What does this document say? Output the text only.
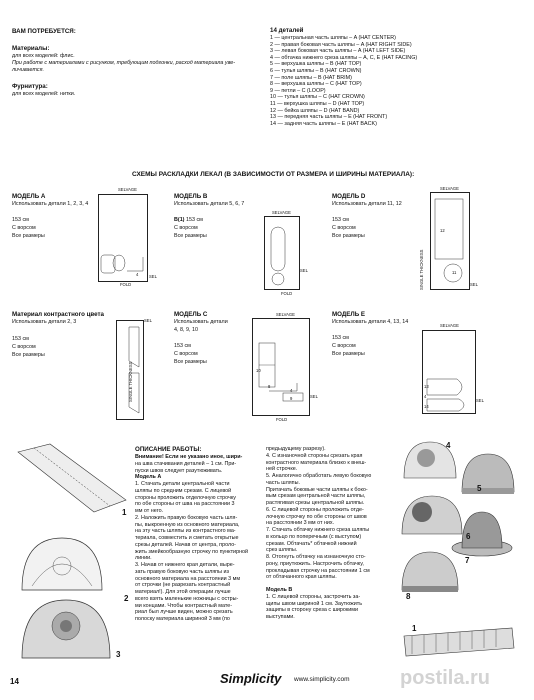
ВАМ ПОТРЕБУЕТСЯ:
Материалы:
для всех моделей: флис.
При работе с материалами с рисунком, требующим подгонки, расход материала уве-
личивается.
Фурнитура:
для всех моделей: нитки.
14 деталей
1 — центральная часть шляпы – A (HAT CENTER)
2 — правая боковая часть шляпы – A (HAT RIGHT SIDE)
3 — левая боковая часть шляпы – A (HAT LEFT SIDE)
4 — обтачка нижнего среза шляпы – A, C, E (HAT FACING)
5 — верхушка шляпы – B (HAT TOP)
6 — тулья шляпы – B (HAT CROWN)
7 — поле шляпы – B (HAT BRIM)
8 — верхушка шляпы – C (HAT TOP)
9 — петли – C (LOOP)
10 — тулья шляпы – C (HAT CROWN)
11 — верхушка шляпы – D (HAT TOP)
12 — бейка шляпы – D (HAT BAND)
13 — передняя часть шляпы – E (HAT FRONT)
14 — задняя часть шляпы – E (HAT BACK)
СХЕМЫ РАСКЛАДКИ ЛЕКАЛ (В ЗАВИСИМОСТИ ОТ РАЗМЕРА И ШИРИНЫ МАТЕРИАЛА):
МОДЕЛЬ А
Использовать детали 1, 2, 3, 4
153 см
С ворсом
Все размеры
SELVAGE
4	SEL
FOLD
МОДЕЛЬ В
Использовать детали 5, 6, 7
B(1) 153 см
С ворсом
Все размеры
SELVAGE
SEL
FOLD
МОДЕЛЬ D
Использовать детали 11, 12
153 см
С ворсом
Все размеры
SELVAGE
12
11
SINGLE THICKNESS	SEL
Материал контрастного цвета
Использовать детали 2, 3
153 см
С ворсом
Все размеры
SEL
SINGLE THICKNESS
МОДЕЛЬ С
Использовать детали
4, 8, 9, 10
153 см
С ворсом
Все размеры
SELVAGE
10
8
4
9	SEL
FOLD
МОДЕЛЬ Е
Использовать детали 4, 13, 14
153 см
С ворсом
Все размеры
SELVAGE
13
4
14
SEL
1
2
3
ОПИСАНИЕ РАБОТЫ:
Внимание! Если не указано иное, шири-
на шва стачивания деталей – 1 см. При-
пуски швов следует разутюживать.
Модель А
1. Стачать детали центральной части
шляпы по средним срезам. С лицевой
стороны проложить отделочную строчку
по обе стороны от шва на расстоянии 3
мм от него.
2. Наложить правую боковую часть шля-
пы, выкроенную из основного материала,
на эту часть шляпы из контрастного ма-
териала, совместить и сметать открытые
срезы деталей. Начав от центра, проло-
жить змейкообразную строчку по пунктирной
линии.
3. Начав от нижнего края детали, выре-
зать правую боковую часть шляпы из
основного материала на расстоянии 3 мм
от строчки (не разрезать контрастный
материал!). Для этой операции лучше
всего взять маленькие ножницы с остры-
ми концами. Чтобы контрастный мате-
риал был лучше виден, можно срезать
полоску материала шириной 3 мм (по
предыдущему разрезу).
4. С изнаночной стороны срезать края
контрастного материала близко к внеш-
ней строчке.
5. Аналогично обработать левую боковую
часть шляпы.
Притачать боковые части шляпы к боко-
вым срезам центральной части шляпы,
растягивая срезы центральной шляпы.
6. С лицевой стороны проложить отде-
лочную строчку по обе стороны от швов
на расстоянии 3 мм от них.
7. Стачать обтачку нижнего среза шляпы
в кольцо по поперечным (с выступом)
срезам. Обтачать* обтачкой нижний
срез шляпы.
8. Отогнуть обтачку на изнаночную сто-
рону, приутюжить. Настрочить обтачку,
прокладывая строчку на расстоянии 1 см
от обтачанного края шляпы.
Модель В
1. С лицевой стороны, застрочить за-
щипы швом шириной 1 см. Заутюжить
защипы в сторону среза с широкими
выступами.
4
5
6
7
8
1
14	Simplicity www.simplicity.com	postila.ru
